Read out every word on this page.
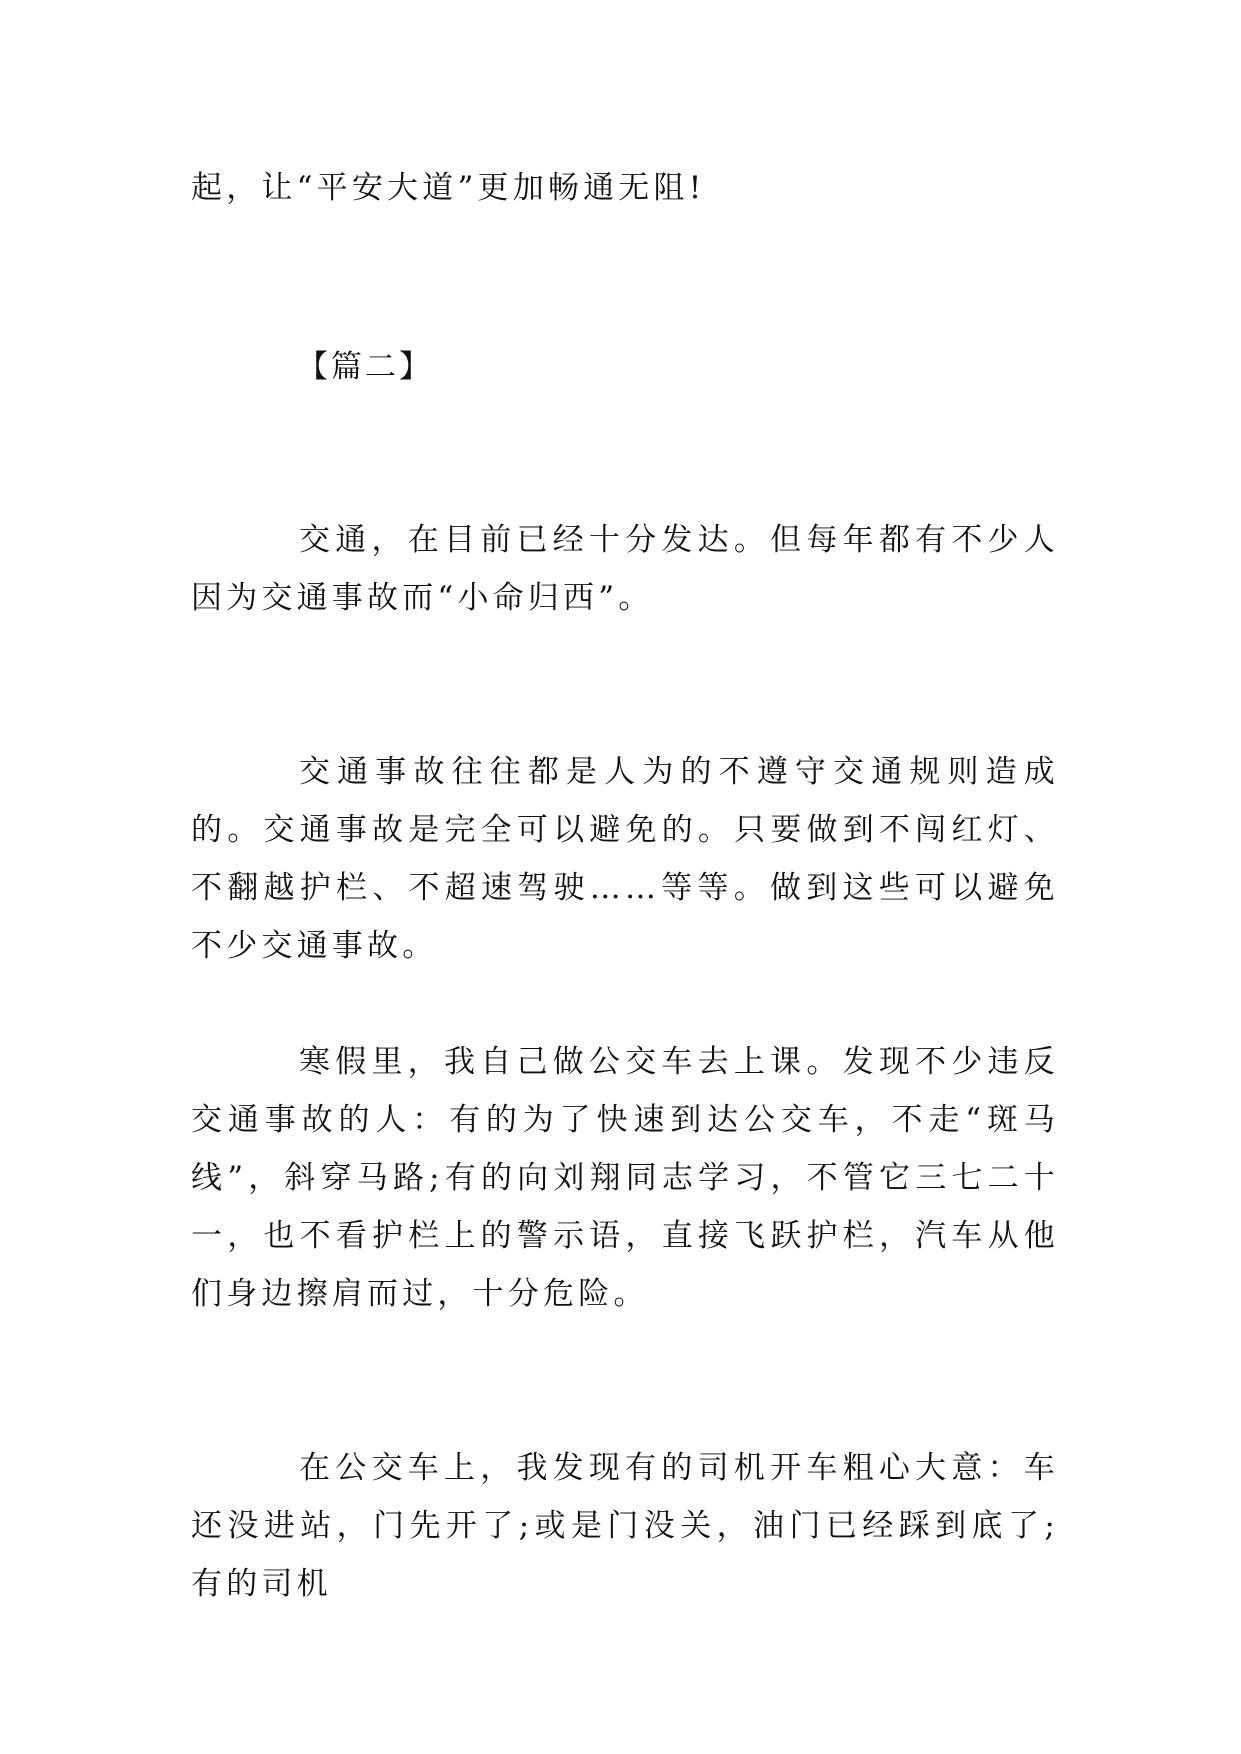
起，让“平安大道”更加畅通无阻!

【篇二】

交通，在目前已经十分发达。但每年都有不少人因为交通事故而“小命归西”。

交通事故往往都是人为的不遵守交通规则造成的。交通事故是完全可以避免的。只要做到不闯红灯、不翻越护栏、不超速驾驶……等等。做到这些可以避免不少交通事故。

寒假里，我自己做公交车去上课。发现不少违反交通事故的人：有的为了快速到达公交车，不走“斑马线”，斜穿马路;有的向刘翔同志学习，不管它三七二十一，也不看护栏上的警示语，直接飞跃护栏，汽车从他们身边擦肩而过，十分危险。

在公交车上，我发现有的司机开车粗心大意：车还没进站，门先开了;或是门没关，油门已经踩到底了;有的司机
